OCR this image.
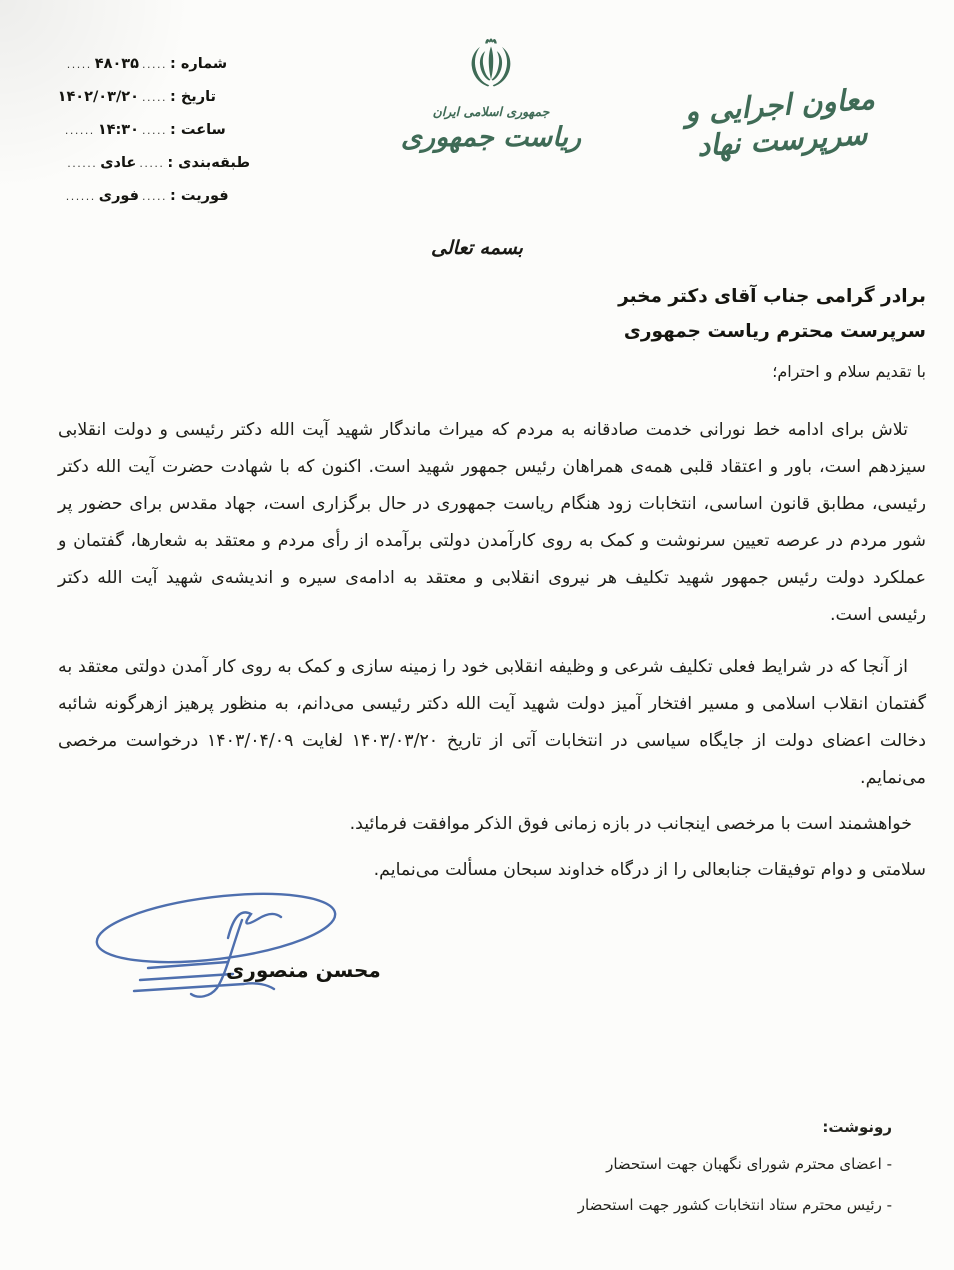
شماره :
.....
۴۸۰۳۵
.....
تاریخ :
.....
۱۴۰۲/۰۳/۲۰
ساعت :
.....
۱۴:۳۰
......
طبقه‌بندی :
.....
عادی
......
فوریت :
.....
فوری
......
جمهوری اسلامی ایران
ریاست جمهوری
معاون اجرایی و سرپرست نهاد
بسمه تعالی
برادر گرامی جناب آقای دکتر مخبر
سرپرست محترم ریاست جمهوری
با تقدیم سلام و احترام؛

تلاش برای ادامه خط نورانی خدمت صادقانه به مردم که میراث ماندگار شهید آیت الله دکتر رئیسی و دولت انقلابی سیزدهم است، باور و اعتقاد قلبی همه‌ی همراهان رئیس جمهور شهید است. اکنون که با شهادت حضرت آیت الله دکتر رئیسی، مطابق قانون اساسی، انتخابات زود هنگام ریاست جمهوری در حال برگزاری است، جهاد مقدس برای حضور پر شور مردم در عرصه تعیین سرنوشت و کمک به روی کارآمدن دولتی برآمده از رأی مردم و معتقد به شعارها، گفتمان و عملکرد دولت رئیس جمهور شهید تکلیف هر نیروی انقلابی و معتقد به ادامه‌ی سیره و اندیشه‌ی شهید آیت الله دکتر رئیسی است.

از آنجا که در شرایط فعلی تکلیف شرعی و وظیفه انقلابی خود را زمینه سازی و کمک به روی کار آمدن دولتی معتقد به گفتمان انقلاب اسلامی و مسیر افتخار آمیز دولت شهید آیت الله دکتر رئیسی می‌دانم، به منظور پرهیز ازهرگونه شائبه دخالت اعضای دولت از جایگاه سیاسی در انتخابات آتی از تاریخ ۱۴۰۳/۰۳/۲۰ لغایت ۱۴۰۳/۰۴/۰۹ درخواست مرخصی می‌نمایم.

خواهشمند است با مرخصی اینجانب در بازه زمانی فوق الذکر موافقت فرمائید.

سلامتی و دوام توفیقات جنابعالی را از درگاه خداوند سبحان مسألت می‌نمایم.

محسن منصوری
رونوشت:
- اعضای محترم شورای نگهبان جهت استحضار
- رئیس محترم ستاد انتخابات کشور جهت استحضار
